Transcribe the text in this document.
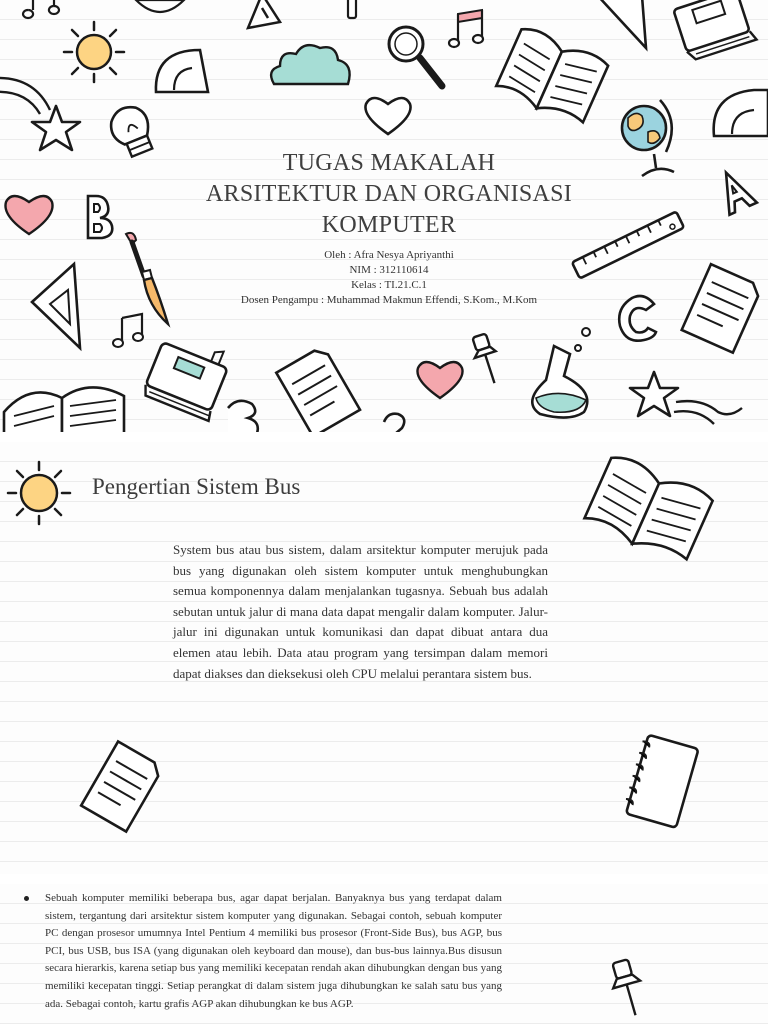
TUGAS MAKALAH
ARSITEKTUR DAN ORGANISASI
KOMPUTER
Oleh : Afra Nesya Apriyanthi
NIM : 312110614
Kelas : TI.21.C.1
Dosen Pengampu : Muhammad Makmun Effendi, S.Kom., M.Kom
Pengertian Sistem Bus
System bus atau bus sistem, dalam arsitektur komputer merujuk pada bus yang digunakan oleh sistem komputer untuk menghubungkan semua komponennya dalam menjalankan tugasnya. Sebuah bus adalah sebutan untuk jalur di mana data dapat mengalir dalam komputer. Jalur-jalur ini digunakan untuk komunikasi dan dapat dibuat antara dua elemen atau lebih. Data atau program yang tersimpan dalam memori dapat diakses dan dieksekusi oleh CPU melalui perantara sistem bus.
Sebuah komputer memiliki beberapa bus, agar dapat berjalan. Banyaknya bus yang terdapat dalam sistem, tergantung dari arsitektur sistem komputer yang digunakan. Sebagai contoh, sebuah komputer PC dengan prosesor umumnya Intel Pentium 4 memiliki bus prosesor (Front-Side Bus), bus AGP, bus PCI, bus USB, bus ISA (yang digunakan oleh keyboard dan mouse), dan bus-bus lainnya.Bus disusun secara hierarkis, karena setiap bus yang memiliki kecepatan rendah akan dihubungkan dengan bus yang memiliki kecepatan tinggi. Setiap perangkat di dalam sistem juga dihubungkan ke salah satu bus yang ada. Sebagai contoh, kartu grafis AGP akan dihubungkan ke bus AGP.
